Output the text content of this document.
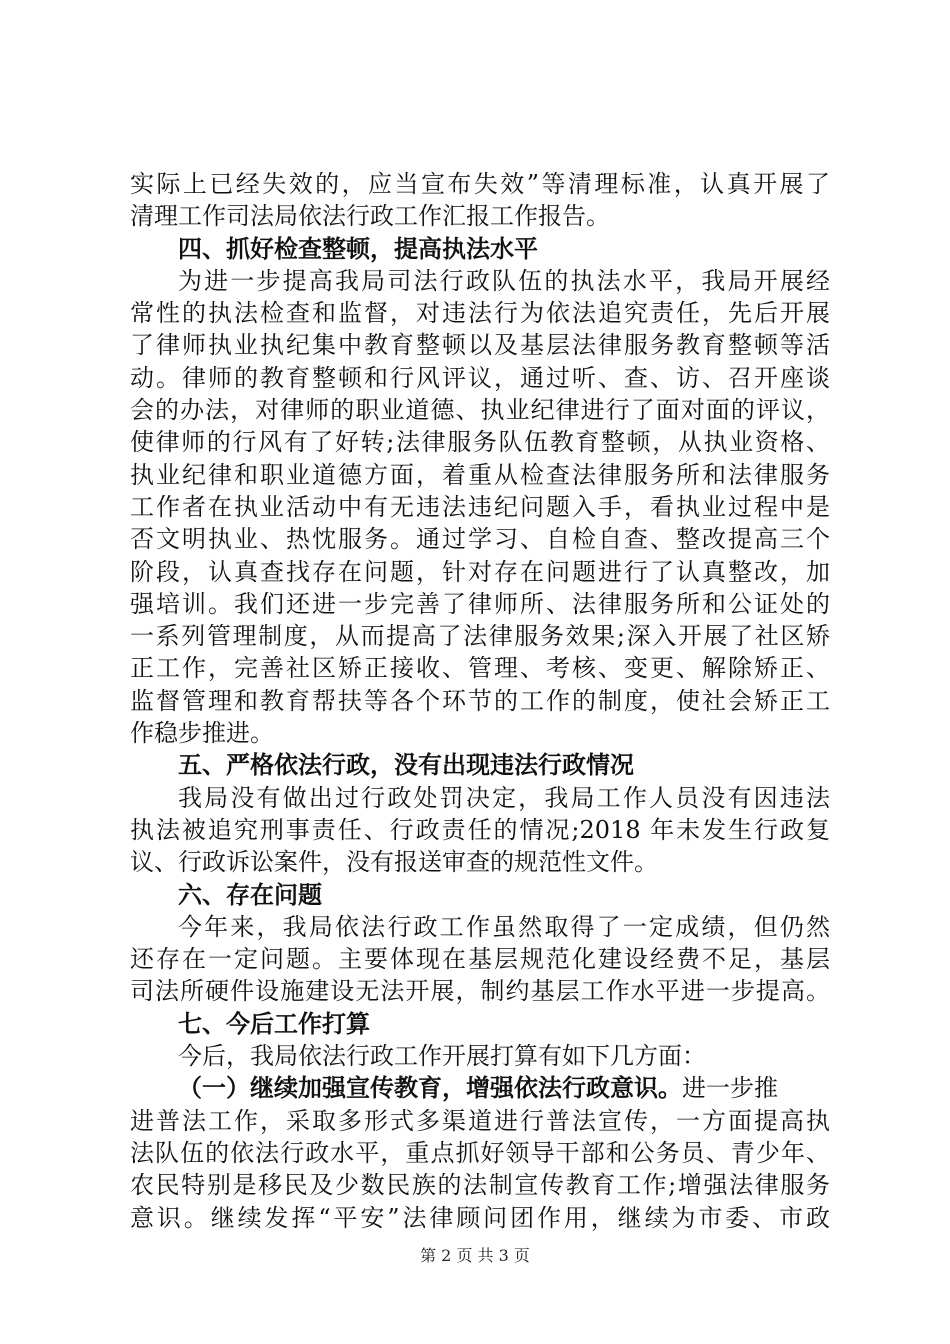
实际上已经失效的，应当宣布失效”等清理标准，认真开展了
清理工作司法局依法行政工作汇报工作报告。
四、抓好检查整顿，提高执法水平
为进一步提高我局司法行政队伍的执法水平，我局开展经
常性的执法检查和监督，对违法行为依法追究责任，先后开展
了律师执业执纪集中教育整顿以及基层法律服务教育整顿等活
动。律师的教育整顿和行风评议，通过听、查、访、召开座谈
会的办法，对律师的职业道德、执业纪律进行了面对面的评议，
使律师的行风有了好转;法律服务队伍教育整顿，从执业资格、
执业纪律和职业道德方面，着重从检查法律服务所和法律服务
工作者在执业活动中有无违法违纪问题入手，看执业过程中是
否文明执业、热忱服务。通过学习、自检自查、整改提高三个
阶段，认真查找存在问题，针对存在问题进行了认真整改，加
强培训。我们还进一步完善了律师所、法律服务所和公证处的
一系列管理制度，从而提高了法律服务效果;深入开展了社区矫
正工作，完善社区矫正接收、管理、考核、变更、解除矫正、
监督管理和教育帮扶等各个环节的工作的制度，使社会矫正工
作稳步推进。
五、严格依法行政，没有出现违法行政情况
我局没有做出过行政处罚决定，我局工作人员没有因违法
执法被追究刑事责任、行政责任的情况;2018 年未发生行政复
议、行政诉讼案件，没有报送审查的规范性文件。
六、存在问题
今年来，我局依法行政工作虽然取得了一定成绩，但仍然
还存在一定问题。主要体现在基层规范化建设经费不足，基层
司法所硬件设施建设无法开展，制约基层工作水平进一步提高。
七、今后工作打算
今后，我局依法行政工作开展打算有如下几方面：
（一）继续加强宣传教育，增强依法行政意识。进一步推
进普法工作，采取多形式多渠道进行普法宣传，一方面提高执
法队伍的依法行政水平，重点抓好领导干部和公务员、青少年、
农民特别是移民及少数民族的法制宣传教育工作;增强法律服务
意识。继续发挥“平安”法律顾问团作用，继续为市委、市政
第 2 页 共 3 页
